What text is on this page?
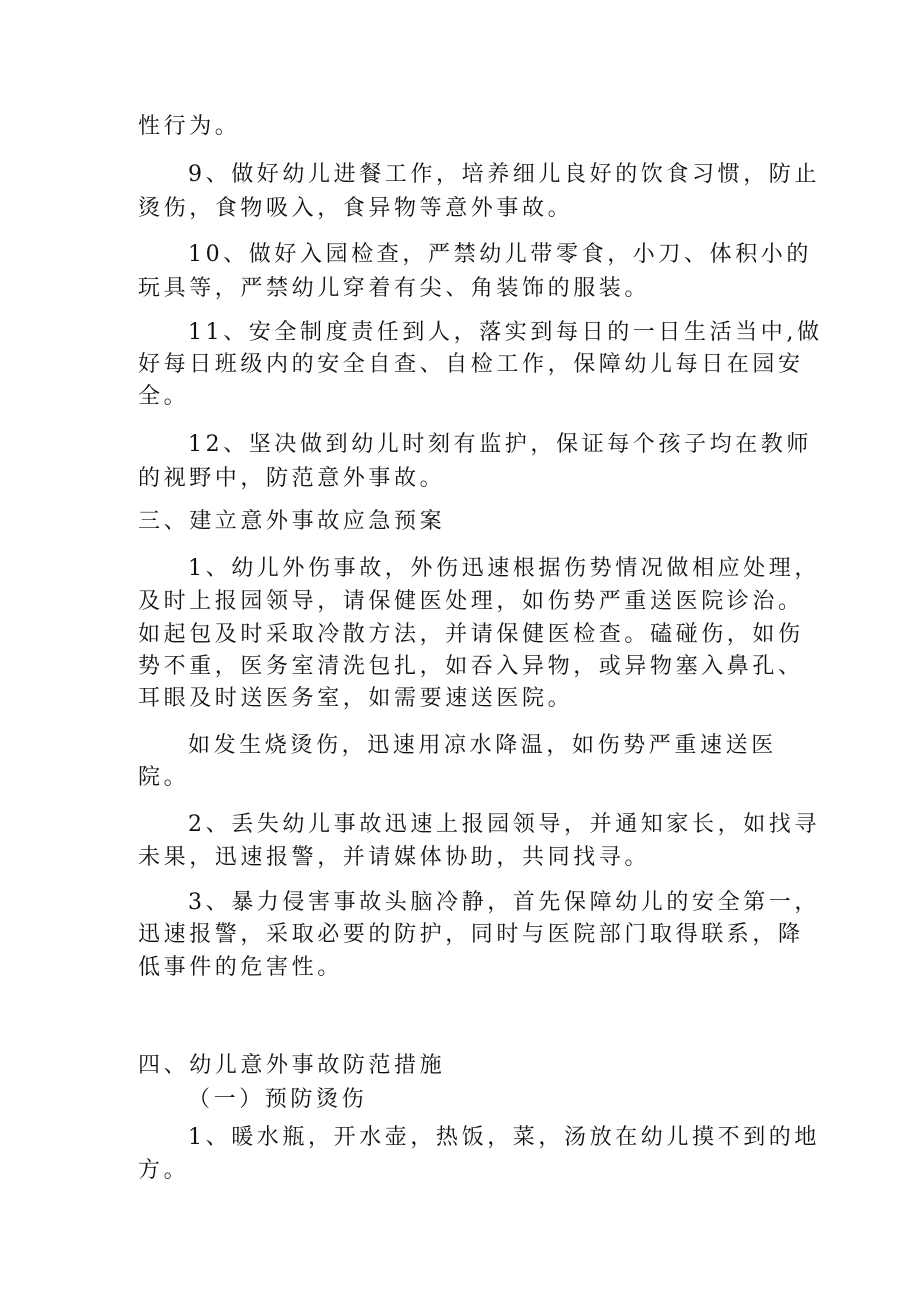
性行为。
9、做好幼儿进餐工作，培养细儿良好的饮食习惯，防止
烫伤，食物吸入，食异物等意外事故。
10、做好入园检查，严禁幼儿带零食，小刀、体积小的
玩具等，严禁幼儿穿着有尖、角装饰的服装。
11、安全制度责任到人，落实到每日的一日生活当中,做
好每日班级内的安全自查、自检工作，保障幼儿每日在园安
全。
12、坚决做到幼儿时刻有监护，保证每个孩子均在教师
的视野中，防范意外事故。
三、建立意外事故应急预案
1、幼儿外伤事故，外伤迅速根据伤势情况做相应处理，
及时上报园领导，请保健医处理，如伤势严重送医院诊治。
如起包及时采取冷散方法，并请保健医检查。磕碰伤，如伤
势不重，医务室清洗包扎，如吞入异物，或异物塞入鼻孔、
耳眼及时送医务室，如需要速送医院。
如发生烧烫伤，迅速用凉水降温，如伤势严重速送医
院。
2、丢失幼儿事故迅速上报园领导，并通知家长，如找寻
未果，迅速报警，并请媒体协助，共同找寻。
3、暴力侵害事故头脑冷静，首先保障幼儿的安全第一，
迅速报警，采取必要的防护，同时与医院部门取得联系，降
低事件的危害性。
四、幼儿意外事故防范措施
（一）预防烫伤
1、暖水瓶，开水壶，热饭，菜，汤放在幼儿摸不到的地
方。
